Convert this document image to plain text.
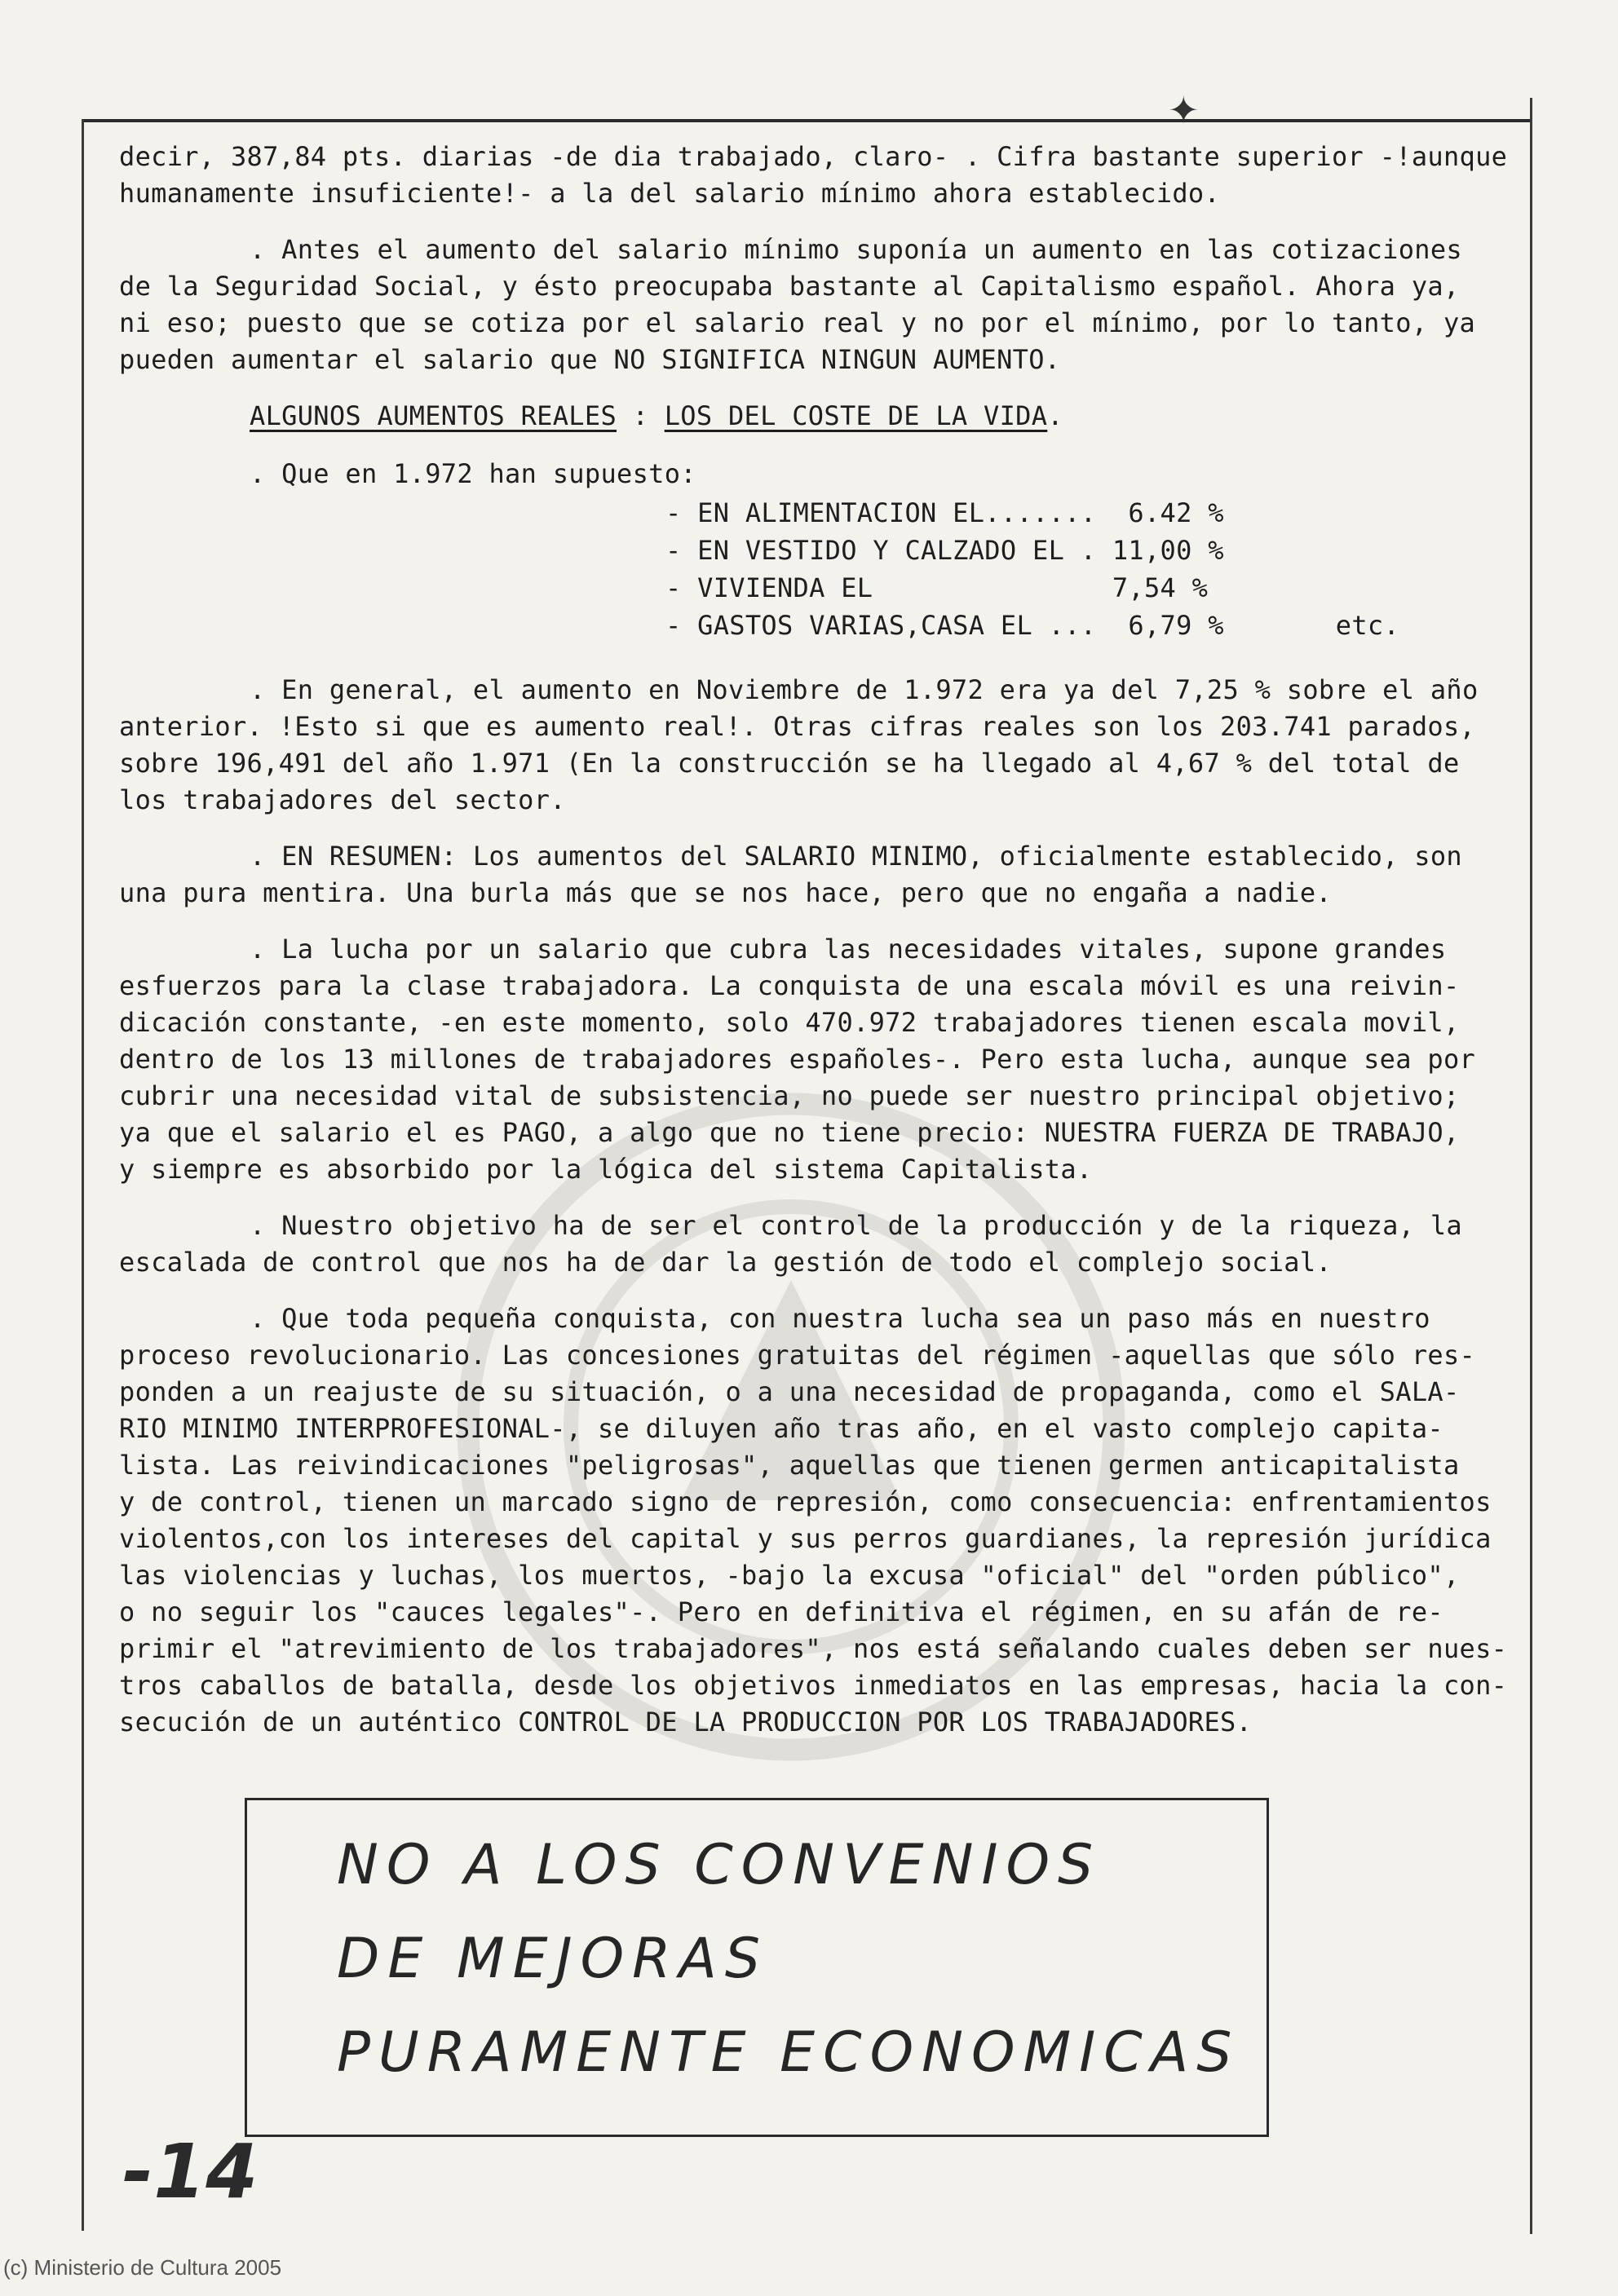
✦

decir, 387,84 pts. diarias -de dia trabajado, claro- . Cifra bastante superior -!aunque
humanamente insuficiente!- a la del salario mínimo ahora establecido.

. Antes el aumento del salario mínimo suponía un aumento en las cotizaciones
de la Seguridad Social, y ésto preocupaba bastante al Capitalismo español. Ahora ya,
ni eso; puesto que se cotiza por el salario real y no por el mínimo, por lo tanto, ya
pueden aumentar el salario que NO SIGNIFICA NINGUN AUMENTO.

ALGUNOS AUMENTOS REALES : LOS DEL COSTE DE LA VIDA.

. Que en 1.972 han supuesto:

- EN ALIMENTACION EL.......  6.42 %
- EN VESTIDO Y CALZADO EL . 11,00 %
- VIVIENDA EL               7,54 %
- GASTOS VARIAS,CASA EL ...  6,79 %       etc.

. En general, el aumento en Noviembre de 1.972 era ya del 7,25 % sobre el año
anterior. !Esto si que es aumento real!. Otras cifras reales son los 203.741 parados,
sobre 196,491 del año 1.971 (En la construcción se ha llegado al 4,67 % del total de
los trabajadores del sector.

. EN RESUMEN: Los aumentos del SALARIO MINIMO, oficialmente establecido, son
una pura mentira. Una burla más que se nos hace, pero que no engaña a nadie.

. La lucha por un salario que cubra las necesidades vitales, supone grandes
esfuerzos para la clase trabajadora. La conquista de una escala móvil es una reivin-
dicación constante, -en este momento, solo 470.972 trabajadores tienen escala movil,
dentro de los 13 millones de trabajadores españoles-. Pero esta lucha, aunque sea por
cubrir una necesidad vital de subsistencia, no puede ser nuestro principal objetivo;
ya que el salario el es PAGO, a algo que no tiene precio: NUESTRA FUERZA DE TRABAJO,
y siempre es absorbido por la lógica del sistema Capitalista.

. Nuestro objetivo ha de ser el control de la producción y de la riqueza, la
escalada de control que nos ha de dar la gestión de todo el complejo social.

. Que toda pequeña conquista, con nuestra lucha sea un paso más en nuestro
proceso revolucionario. Las concesiones gratuitas del régimen -aquellas que sólo res-
ponden a un reajuste de su situación, o a una necesidad de propaganda, como el SALA-
RIO MINIMO INTERPROFESIONAL-, se diluyen año tras año, en el vasto complejo capita-
lista. Las reivindicaciones "peligrosas", aquellas que tienen germen anticapitalista
y de control, tienen un marcado signo de represión, como consecuencia: enfrentamientos
violentos,con los intereses del capital y sus perros guardianes, la represión jurídica
las violencias y luchas, los muertos, -bajo la excusa "oficial" del "orden público",
o no seguir los "cauces legales"-. Pero en definitiva el régimen, en su afán de re-
primir el "atrevimiento de los trabajadores", nos está señalando cuales deben ser nues-
tros caballos de batalla, desde los objetivos inmediatos en las empresas, hacia la con-
secución de un auténtico CONTROL DE LA PRODUCCION POR LOS TRABAJADORES.

NO A LOS CONVENIOS
DE MEJORAS
PURAMENTE ECONOMICAS
-14
(c) Ministerio de Cultura 2005
